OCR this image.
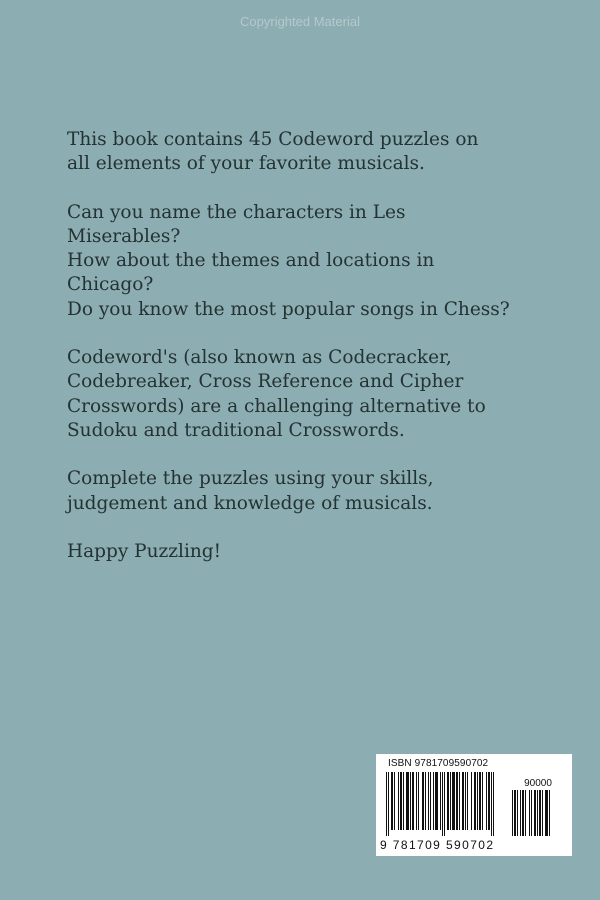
Copyrighted Material

This book contains 45 Codeword puzzles on
all elements of your favorite musicals.

Can you name the characters in Les
Miserables?
How about the themes and locations in
Chicago?
Do you know the most popular songs in Chess?

Codeword's (also known as Codecracker,
Codebreaker, Cross Reference and Cipher
Crosswords) are a challenging alternative to
Sudoku and traditional Crosswords.

Complete the puzzles using your skills,
judgement and knowledge of musicals.

Happy Puzzling!

ISBN 9781709590702
90000
9 781709 590702
